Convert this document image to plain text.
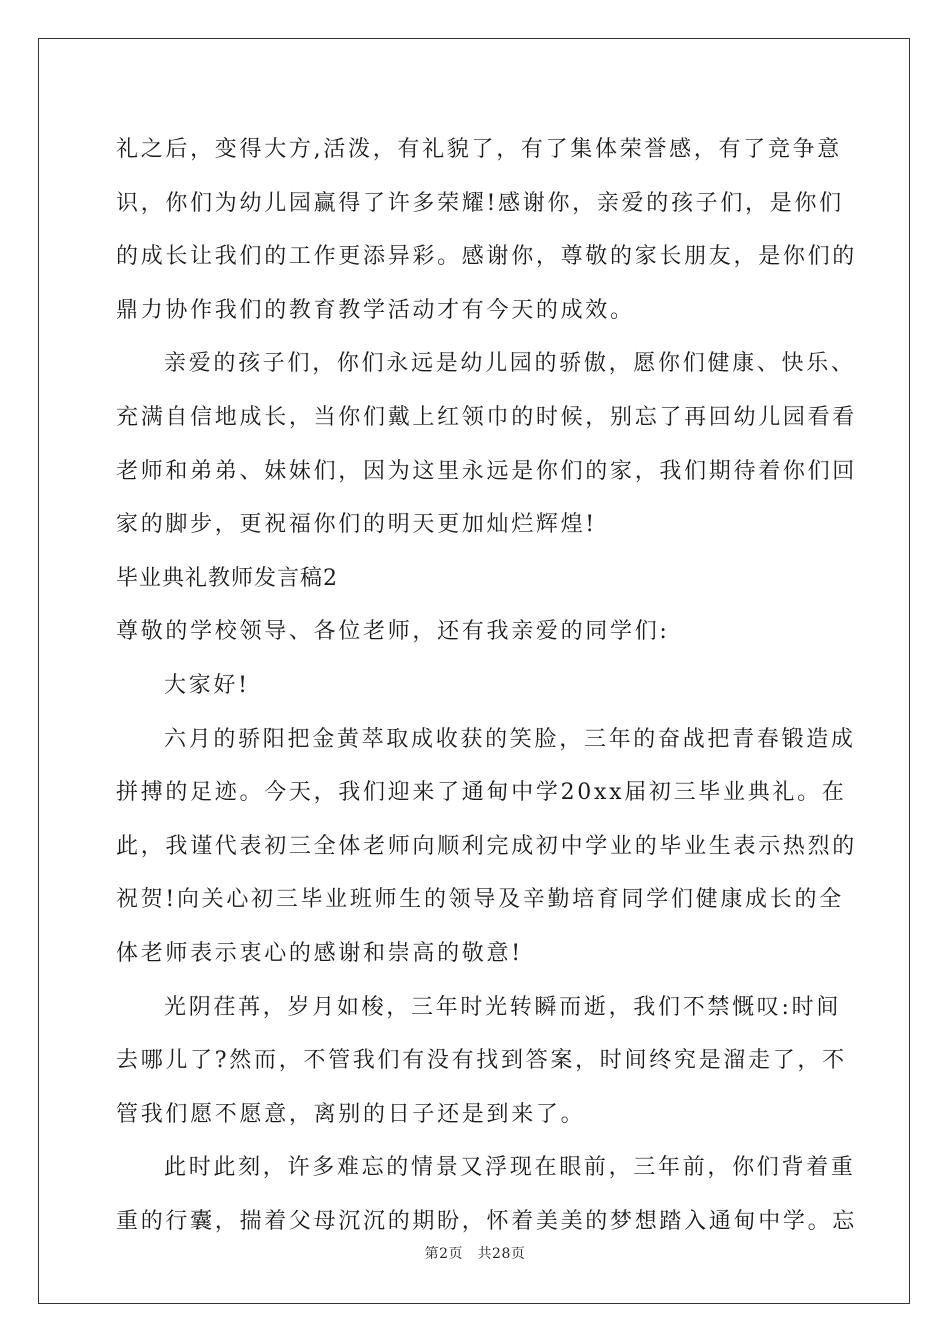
礼之后，变得大方,活泼，有礼貌了，有了集体荣誉感，有了竞争意
识，你们为幼儿园赢得了许多荣耀!感谢你，亲爱的孩子们，是你们
的成长让我们的工作更添异彩。感谢你，尊敬的家长朋友，是你们的
鼎力协作我们的教育教学活动才有今天的成效。
亲爱的孩子们，你们永远是幼儿园的骄傲，愿你们健康、快乐、
充满自信地成长，当你们戴上红领巾的时候，别忘了再回幼儿园看看
老师和弟弟、妹妹们，因为这里永远是你们的家，我们期待着你们回
家的脚步，更祝福你们的明天更加灿烂辉煌!
毕业典礼教师发言稿2
尊敬的学校领导、各位老师，还有我亲爱的同学们:
大家好!
六月的骄阳把金黄萃取成收获的笑脸，三年的奋战把青春锻造成
拼搏的足迹。今天，我们迎来了通甸中学20xx届初三毕业典礼。在
此，我谨代表初三全体老师向顺利完成初中学业的毕业生表示热烈的
祝贺!向关心初三毕业班师生的领导及辛勤培育同学们健康成长的全
体老师表示衷心的感谢和崇高的敬意!
光阴荏苒，岁月如梭，三年时光转瞬而逝，我们不禁慨叹:时间
去哪儿了?然而，不管我们有没有找到答案，时间终究是溜走了，不
管我们愿不愿意，离别的日子还是到来了。
此时此刻，许多难忘的情景又浮现在眼前，三年前，你们背着重
重的行囊，揣着父母沉沉的期盼，怀着美美的梦想踏入通甸中学。忘
第2页　共28页
